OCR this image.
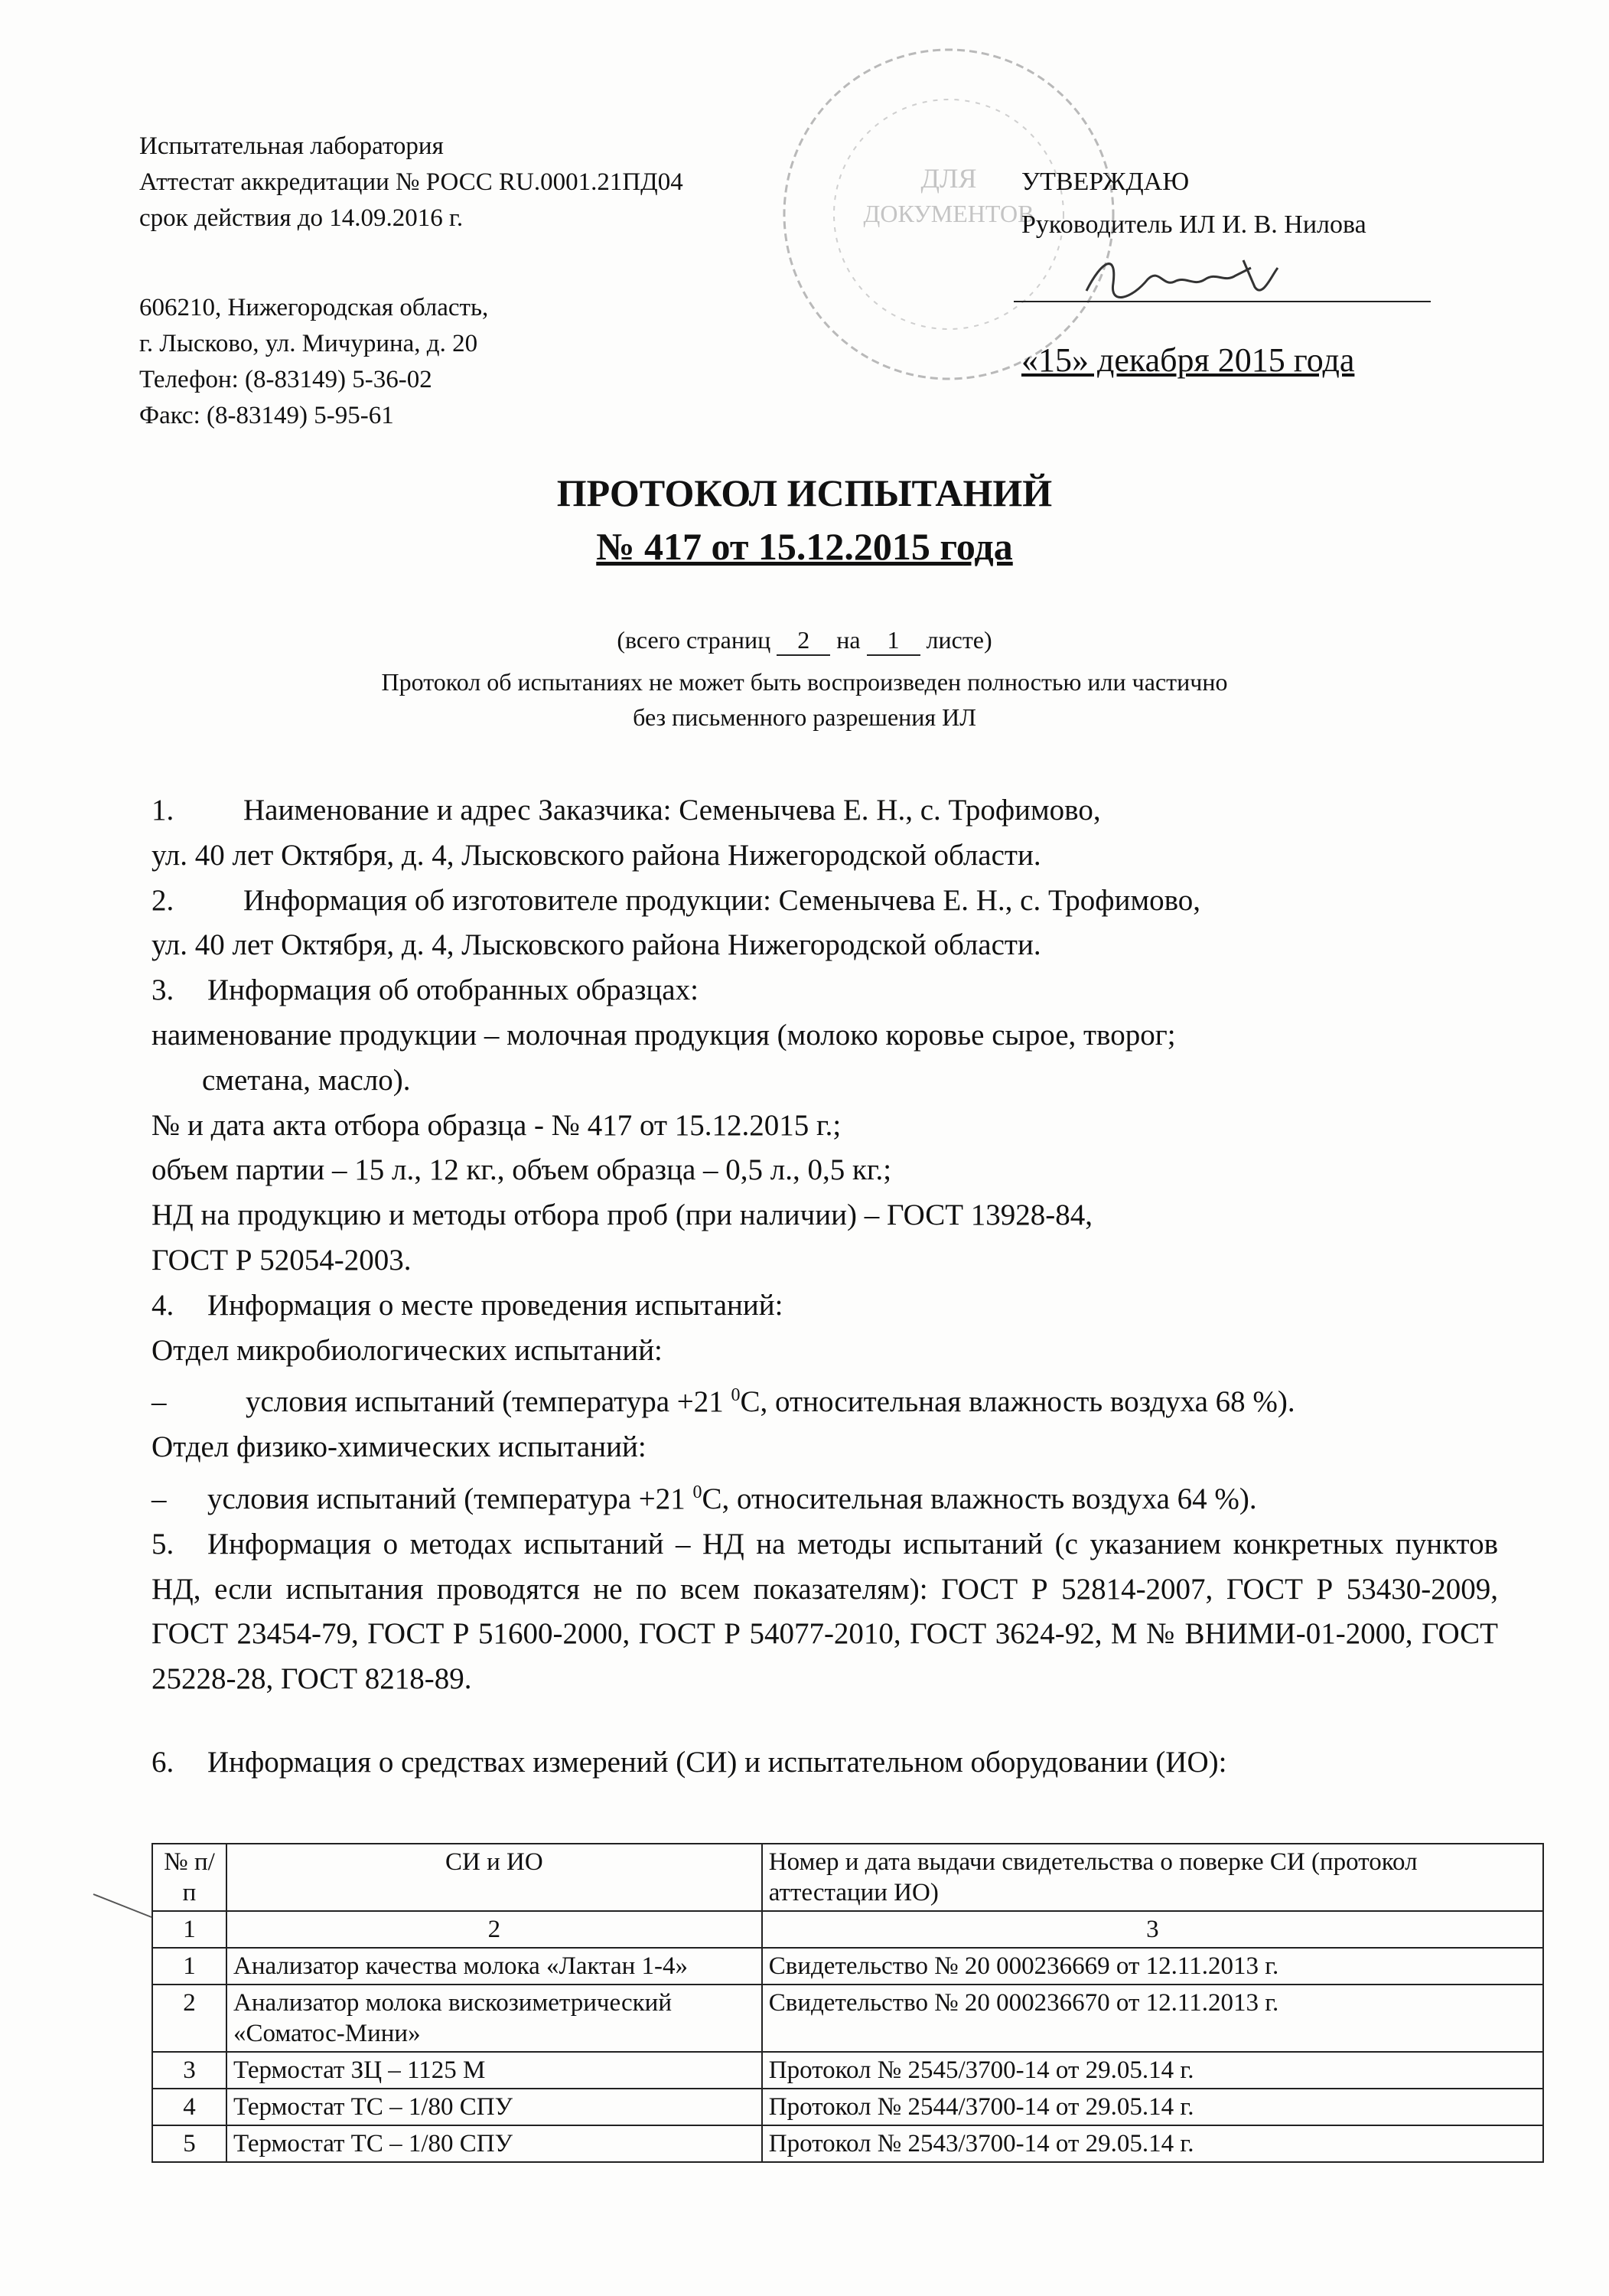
ДЛЯ
ДОКУМЕНТОВ
Испытательная лаборатория
Аттестат аккредитации № РОСС RU.0001.21ПД04
срок действия до 14.09.2016 г.
606210, Нижегородская область,
г. Лысково, ул. Мичурина, д. 20
Телефон: (8-83149) 5-36-02
Факс: (8-83149) 5-95-61
УТВЕРЖДАЮ
Руководитель ИЛ И. В. Нилова
«15» декабря 2015 года
ПРОТОКОЛ ИСПЫТАНИЙ
№ 417 от 15.12.2015 года
(всего страниц 2 на 1 листе)
Протокол об испытаниях не может быть воспроизведен полностью или частично
без письменного разрешения ИЛ

1. Наименование и адрес Заказчика: Семенычева Е. Н., с. Трофимово,

ул. 40 лет Октября, д. 4, Лысковского района Нижегородской области.

2. Информация об изготовителе продукции: Семенычева Е. Н., с. Трофимово,

ул. 40 лет Октября, д. 4, Лысковского района Нижегородской области.

3. Информация об отобранных образцах:

наименование продукции – молочная продукция (молоко коровье сырое, творог;

сметана, масло).

№ и дата акта отбора образца - № 417 от 15.12.2015 г.;

объем партии – 15 л., 12 кг., объем образца – 0,5 л., 0,5 кг.;

НД на продукцию и методы отбора проб (при наличии) – ГОСТ 13928-84,

ГОСТ Р 52054-2003.

4. Информация о месте проведения испытаний:

Отдел микробиологических испытаний:

–	условия испытаний (температура +21 $^0$С, относительная влажность воздуха 68 %).

Отдел физико-химических испытаний:

– условия испытаний (температура +21 $^0$С, относительная влажность воздуха 64 %).

5. Информация о методах испытаний – НД на методы испытаний (с указанием конкретных пунктов НД, если испытания проводятся не по всем показателям): ГОСТ Р 52814-2007, ГОСТ Р 53430-2009, ГОСТ 23454-79, ГОСТ Р 51600-2000, ГОСТ Р 54077-2010, ГОСТ 3624-92, М № ВНИМИ-01-2000, ГОСТ 25228-28, ГОСТ 8218-89.

6. Информация о средствах измерений (СИ) и испытательном оборудовании (ИО):

№ п/п	СИ и ИО	Номер и дата выдачи свидетельства о поверке СИ (протокол аттестации ИО)
1	2	3
1	Анализатор качества молока «Лактан 1-4»	Свидетельство № 20 000236669 от 12.11.2013 г.
2	Анализатор молока вискозиметрический «Соматос-Мини»	Свидетельство № 20 000236670 от 12.11.2013 г.
3	Термостат ЗЦ – 1125 М	Протокол № 2545/3700-14 от 29.05.14 г.
4	Термостат ТС – 1/80 СПУ	Протокол № 2544/3700-14 от 29.05.14 г.
5	Термостат ТС – 1/80 СПУ	Протокол № 2543/3700-14 от 29.05.14 г.
